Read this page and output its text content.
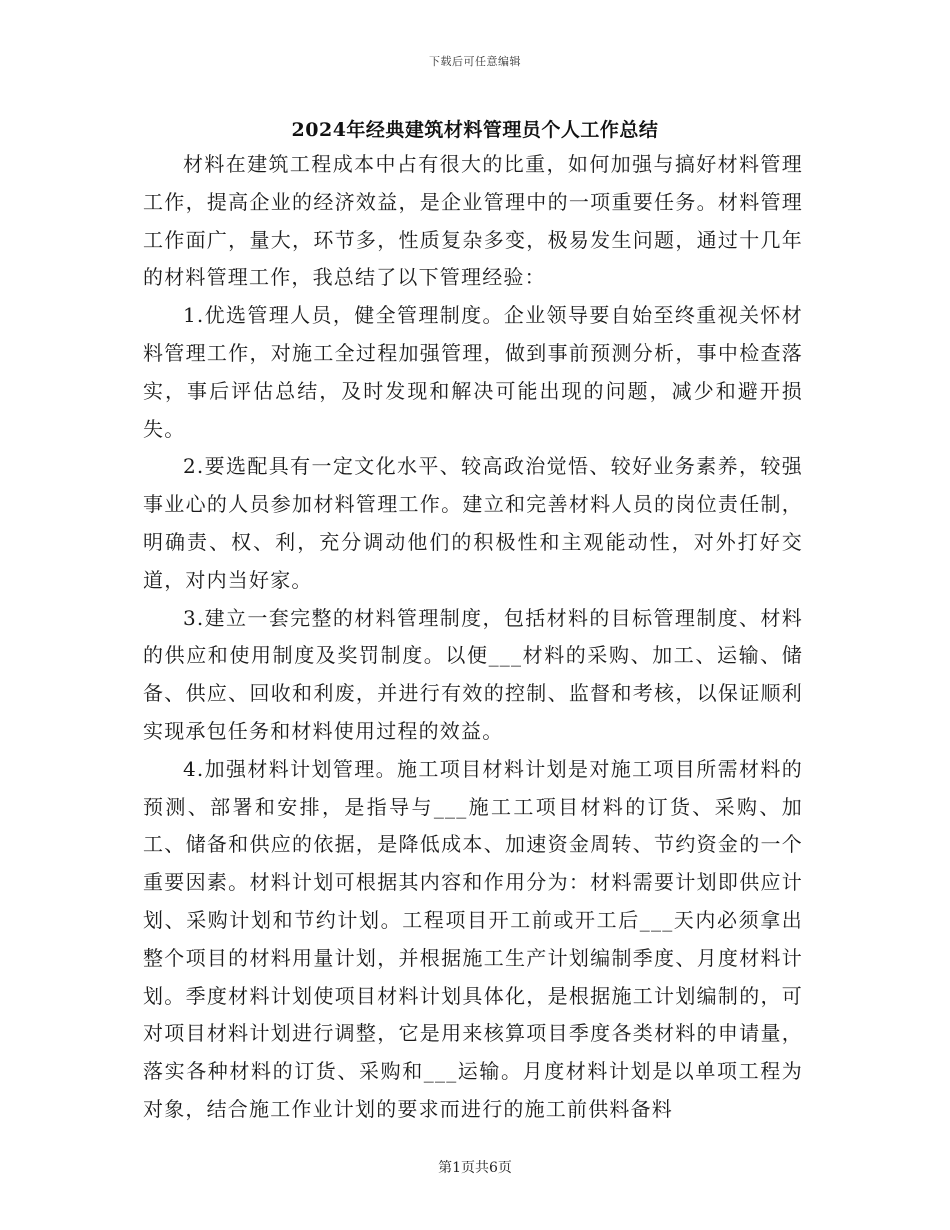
下载后可任意编辑
2024年经典建筑材料管理员个人工作总结

材料在建筑工程成本中占有很大的比重，如何加强与搞好材料管理工作，提高企业的经济效益，是企业管理中的一项重要任务。材料管理工作面广，量大，环节多，性质复杂多变，极易发生问题，通过十几年的材料管理工作，我总结了以下管理经验：

1.优选管理人员，健全管理制度。企业领导要自始至终重视关怀材料管理工作，对施工全过程加强管理，做到事前预测分析，事中检查落实，事后评估总结，及时发现和解决可能出现的问题，减少和避开损失。

2.要选配具有一定文化水平、较高政治觉悟、较好业务素养，较强事业心的人员参加材料管理工作。建立和完善材料人员的岗位责任制，明确责、权、利，充分调动他们的积极性和主观能动性，对外打好交道，对内当好家。

3.建立一套完整的材料管理制度，包括材料的目标管理制度、材料的供应和使用制度及奖罚制度。以便___材料的采购、加工、运输、储备、供应、回收和利废，并进行有效的控制、监督和考核，以保证顺利实现承包任务和材料使用过程的效益。

4.加强材料计划管理。施工项目材料计划是对施工项目所需材料的预测、部署和安排，是指导与___施工工项目材料的订货、采购、加工、储备和供应的依据，是降低成本、加速资金周转、节约资金的一个重要因素。材料计划可根据其内容和作用分为：材料需要计划即供应计划、采购计划和节约计划。工程项目开工前或开工后___天内必须拿出整个项目的材料用量计划，并根据施工生产计划编制季度、月度材料计划。季度材料计划使项目材料计划具体化，是根据施工计划编制的，可对项目材料计划进行调整，它是用来核算项目季度各类材料的申请量，落实各种材料的订货、采购和___运输。月度材料计划是以单项工程为对象，结合施工作业计划的要求而进行的施工前供料备料

第1页共6页
